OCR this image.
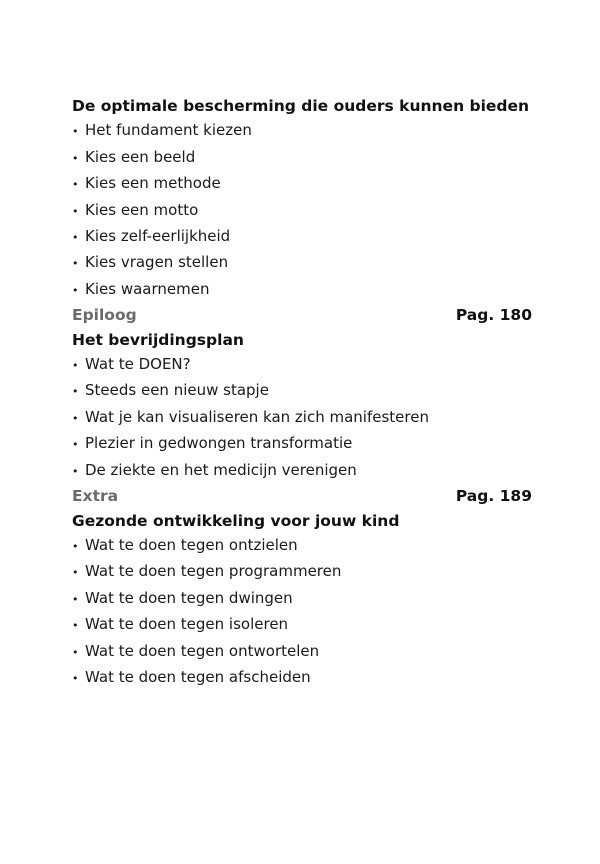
De optimale bescherming die ouders kunnen bieden
• Het fundament kiezen
• Kies een beeld
• Kies een methode
• Kies een motto
• Kies zelf-eerlijkheid
• Kies vragen stellen
• Kies waarnemen
Epiloog	Pag. 180
Het bevrijdingsplan
• Wat te DOEN?
• Steeds een nieuw stapje
• Wat je kan visualiseren kan zich manifesteren
• Plezier in gedwongen transformatie
• De ziekte en het medicijn verenigen
Extra	Pag. 189
Gezonde ontwikkeling voor jouw kind
• Wat te doen tegen ontzielen
• Wat te doen tegen programmeren
• Wat te doen tegen dwingen
• Wat te doen tegen isoleren
• Wat te doen tegen ontwortelen
• Wat te doen tegen afscheiden
